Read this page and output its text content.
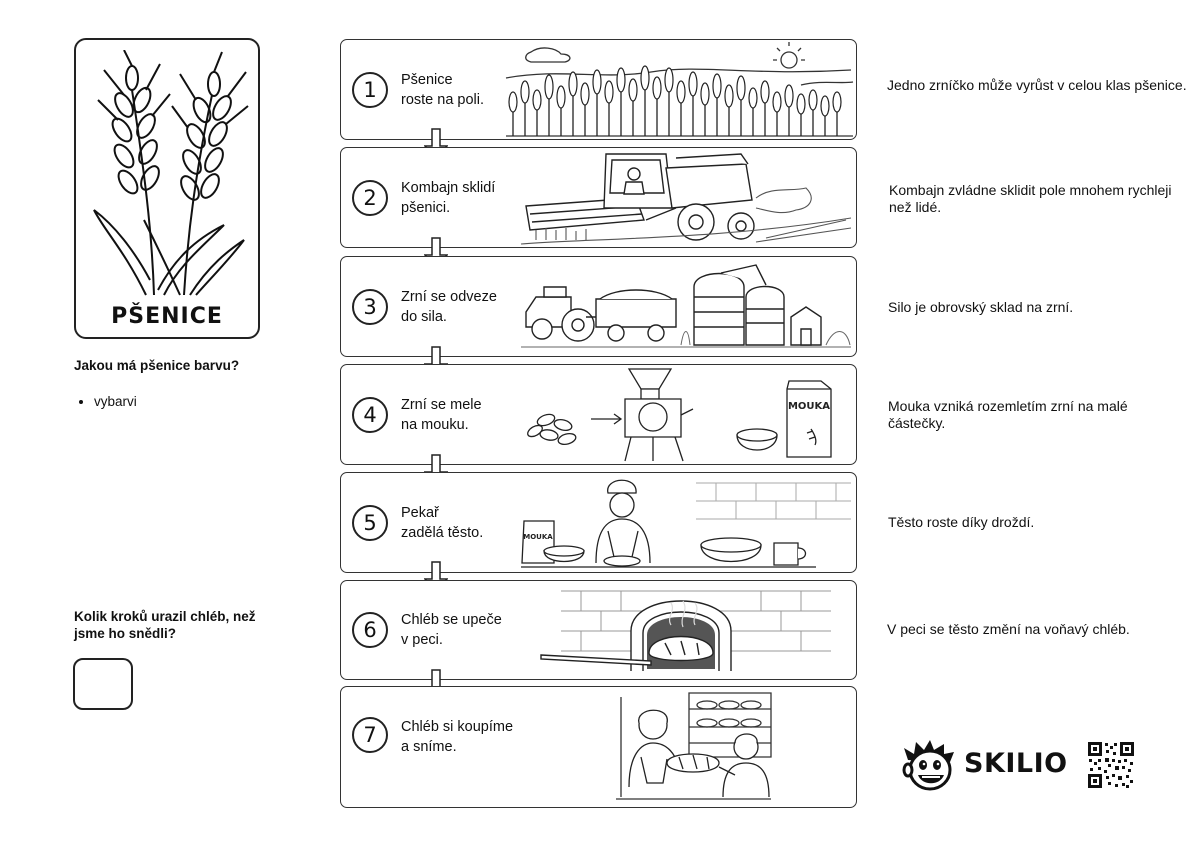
PŠENICE
Jakou má pšenice barvu?
• vybarvi
Kolik kroků urazil chléb, než jsme ho snědli?
1	Pšenice
roste na poli.
2	Kombajn sklidí
pšenici.
3	Zrní se odveze
do sila.
4	Zrní se mele
na mouku.
MOUKA
5	Pekař
zadělá těsto.	MOUKA
6	Chléb se upeče
v peci.
7	Chléb si koupíme
a sníme.
Jedno zrníčko může vyrůst v celou klas pšenice.
Kombajn zvládne sklidit pole mnohem rychleji než lidé.
Silo je obrovský sklad na zrní.
Mouka vzniká rozemletím zrní na malé částečky.
Těsto roste díky droždí.
V peci se těsto změní na voňavý chléb.
SKILIO
